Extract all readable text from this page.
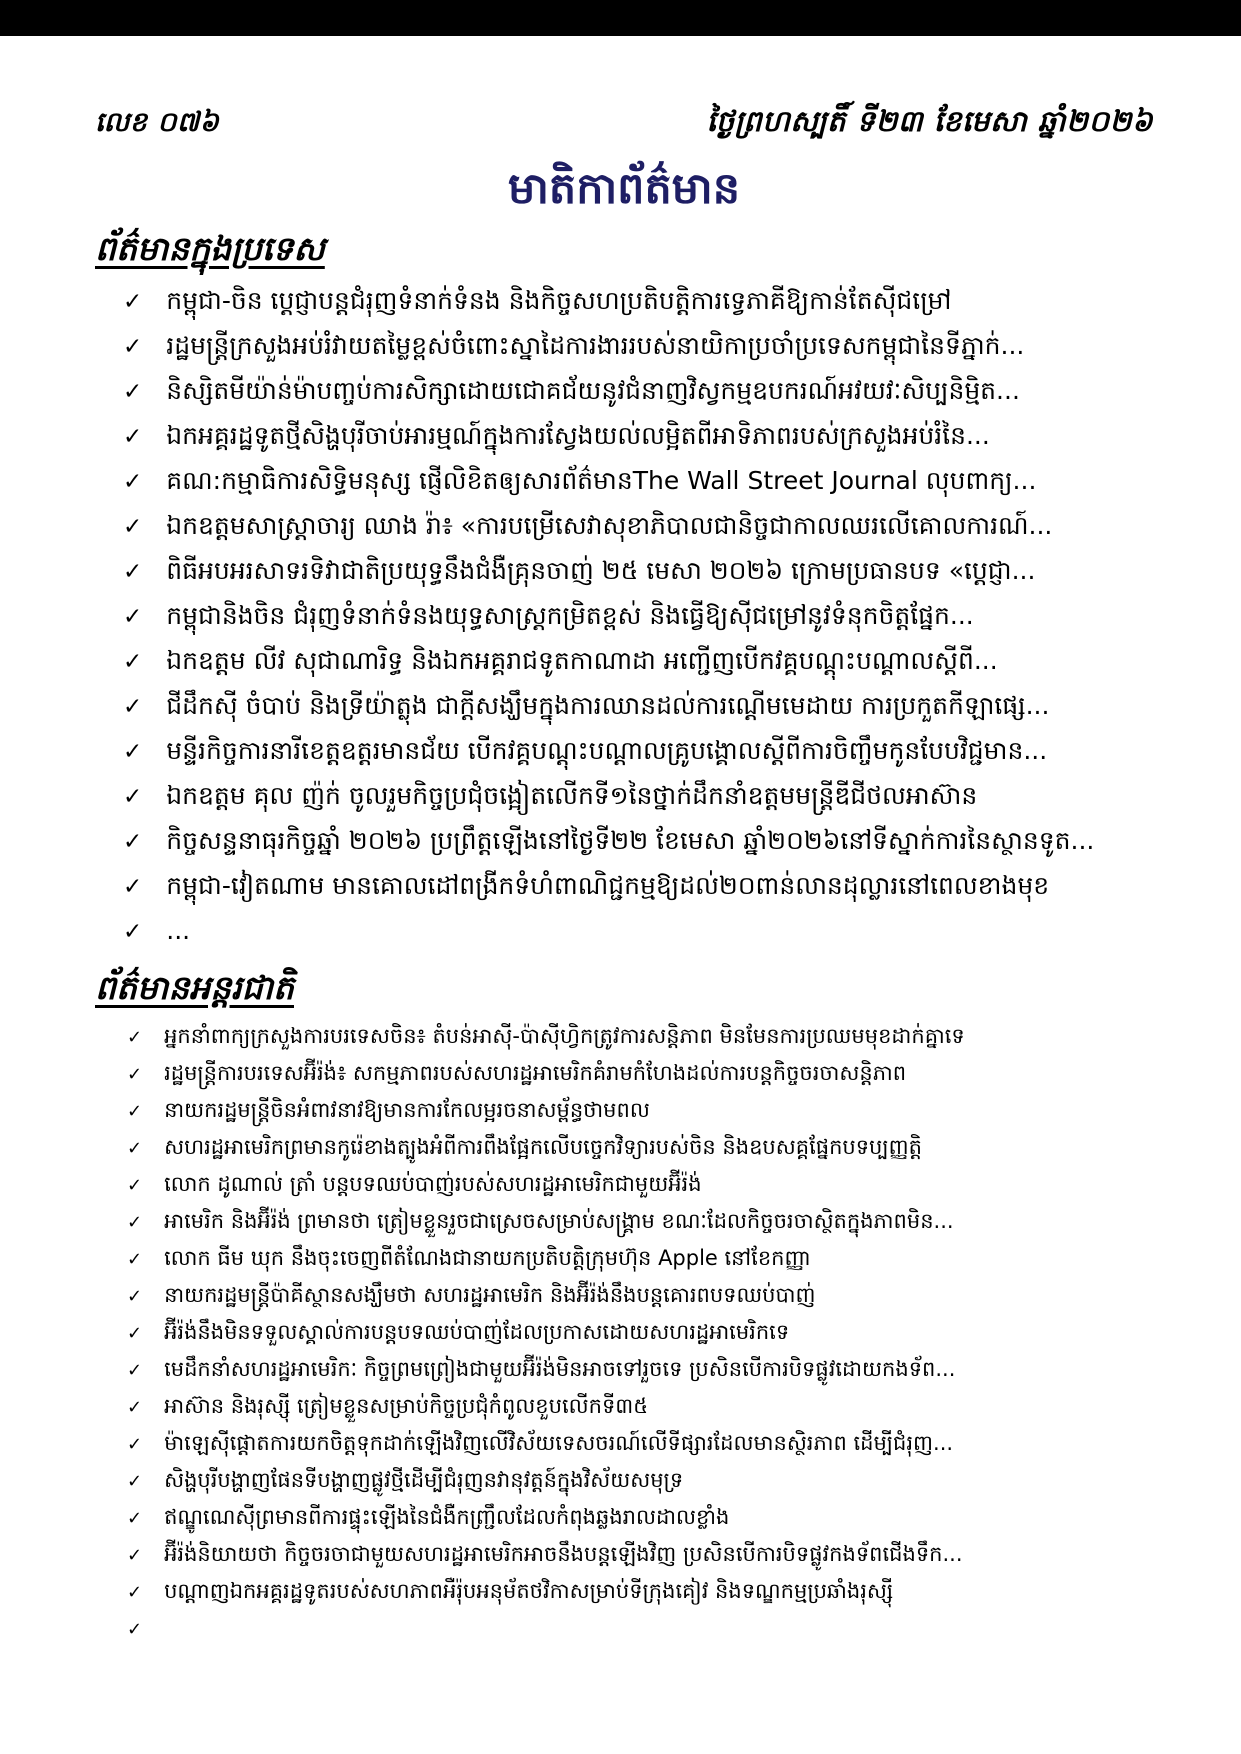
លេខ ០៧៦	ថ្ងៃព្រហស្បតិ៍ ទី២៣ ខែមេសា ឆ្នាំ២០២៦
មាតិកាព័ត៌មាន
ព័ត៌មានក្នុងប្រទេស
✓ កម្ពុជា-ចិន ប្តេជ្ញាបន្តជំរុញទំនាក់ទំនង និងកិច្ចសហប្រតិបត្តិការទ្វេភាគីឱ្យកាន់តែស៊ីជម្រៅ
✓ រដ្ឋមន្ត្រីក្រសួងអប់រំវាយតម្លៃខ្ពស់ចំពោះស្នាដៃការងាររបស់នាយិកាប្រចាំប្រទេសកម្ពុជានៃទីភ្នាក់...
✓ និស្សិតមីយ៉ាន់ម៉ាបញ្ចប់ការសិក្សាដោយជោគជ័យនូវជំនាញវិស្វកម្មឧបករណ៍អវយវៈសិប្បនិម្មិត...
✓ ឯកអគ្គរដ្ឋទូតថ្មីសិង្ហបុរីចាប់អារម្មណ៍ក្នុងការស្វែងយល់លម្អិតពីអាទិភាពរបស់ក្រសួងអប់រំនៃ...
✓ គណ:កម្មាធិការសិទ្ធិមនុស្ស ផ្ញើលិខិតឲ្យសារព័ត៌មានThe Wall Street Journal លុបពាក្យ...
✓ ឯកឧត្តមសាស្ត្រាចារ្យ ឈាង រ៉ា៖ «ការបម្រើសេវាសុខាភិបាលជានិច្ចជាកាលឈរលើគោលការណ៍...
✓ ពិធីអបអរសាទរទិវាជាតិប្រយុទ្ធនឹងជំងឺគ្រុនចាញ់ ២៥ មេសា ២០២៦ ក្រោមប្រធានបទ «ប្តេជ្ញា...
✓ កម្ពុជានិងចិន ជំរុញទំនាក់ទំនងយុទ្ធសាស្ត្រកម្រិតខ្ពស់ និងធ្វើឱ្យស៊ីជម្រៅនូវទំនុកចិត្តផ្នែក...
✓ ឯកឧត្តម លីវ សុជាណារិទ្ធ និងឯកអគ្គរាជទូតកាណាដា អញ្ជើញបើកវគ្គបណ្តុះបណ្តាលស្តីពី...
✓ ជីដឹកស៊ី ចំបាប់ និងទ្រីយ៉ាត្លុង ជាក្តីសង្ឃឹមក្នុងការឈានដល់ការណ្តើមមេដាយ ការប្រកួតកីឡាផ្សេ...
✓ មន្ទីរកិច្ចការនារីខេត្តឧត្តរមានជ័យ បើកវគ្គបណ្តុះបណ្តាលគ្រូបង្គោលស្តីពីការចិញ្ចឹមកូនបែបវិជ្ជមាន...
✓ ឯកឧត្តម គុល ញ៉ក់ ចូលរួមកិច្ចប្រជុំចង្អៀតលើកទី១នៃថ្នាក់ដឹកនាំឧត្តមមន្ត្រីឌីជីថលអាស៊ាន
✓ កិច្ចសន្ទនាធុរកិច្ចឆ្នាំ ២០២៦ ប្រព្រឹត្តឡើងនៅថ្ងៃទី២២ ខែមេសា ឆ្នាំ២០២៦នៅទីស្នាក់ការនៃស្ថានទូត...
✓ កម្ពុជា-វៀតណាម មានគោលដៅពង្រីកទំហំពាណិជ្ជកម្មឱ្យដល់២០ពាន់លានដុល្លារនៅពេលខាងមុខ
✓ ...
ព័ត៌មានអន្តរជាតិ
✓ អ្នកនាំពាក្យក្រសួងការបរទេសចិន៖ តំបន់អាស៊ី-ប៉ាស៊ីហ្វិកត្រូវការសន្តិភាព មិនមែនការប្រឈមមុខដាក់គ្នាទេ
✓ រដ្ឋមន្ត្រីការបរទេសអ៊ីរ៉ង់៖ សកម្មភាពរបស់សហរដ្ឋអាមេរិកគំរាមកំហែងដល់ការបន្តកិច្ចចរចាសន្តិភាព
✓ នាយករដ្ឋមន្ត្រីចិនអំពាវនាវឱ្យមានការកែលម្អរចនាសម្ព័ន្ធថាមពល
✓ សហរដ្ឋអាមេរិកព្រមានកូរ៉េខាងត្បូងអំពីការពឹងផ្អែកលើបច្ចេកវិទ្យារបស់ចិន និងឧបសគ្គផ្នែកបទប្បញ្ញត្តិ
✓ លោក ដូណាល់ ត្រាំ បន្តបទឈប់បាញ់របស់សហរដ្ឋអាមេរិកជាមួយអ៊ីរ៉ង់
✓ អាមេរិក និងអ៊ីរ៉ង់ ព្រមានថា ត្រៀមខ្លួនរួចជាស្រេចសម្រាប់សង្គ្រាម ខណៈដែលកិច្ចចរចាស្ថិតក្នុងភាពមិន...
✓ លោក ធីម ឃុក នឹងចុះចេញពីតំណែងជានាយកប្រតិបត្តិក្រុមហ៊ុន Apple នៅខែកញ្ញា
✓ នាយករដ្ឋមន្ត្រីប៉ាគីស្ថានសង្ឃឹមថា សហរដ្ឋអាមេរិក និងអ៊ីរ៉ង់នឹងបន្តគោរពបទឈប់បាញ់
✓ អ៊ីរ៉ង់នឹងមិនទទួលស្គាល់ការបន្តបទឈប់បាញ់ដែលប្រកាសដោយសហរដ្ឋអាមេរិកទេ
✓ មេដឹកនាំសហរដ្ឋអាមេរិកៈ កិច្ចព្រមព្រៀងជាមួយអ៊ីរ៉ង់មិនអាចទៅរួចទេ ប្រសិនបើការបិទផ្លូវដោយកងទ័ព...
✓ អាស៊ាន និងរុស្ស៊ី ត្រៀមខ្លួនសម្រាប់កិច្ចប្រជុំកំពូលខួបលើកទី៣៥
✓ ម៉ាឡេស៊ីផ្តោតការយកចិត្តទុកដាក់ឡើងវិញលើវិស័យទេសចរណ៍លើទីផ្សារដែលមានស្ថិរភាព ដើម្បីជំរុញ...
✓ សិង្ហបុរីបង្ហាញផែនទីបង្ហាញផ្លូវថ្មីដើម្បីជំរុញនវានុវត្តន៍ក្នុងវិស័យសមុទ្រ
✓ ឥណ្ឌូណេស៊ីព្រមានពីការផ្ទុះឡើងនៃជំងឺកញ្ជ្រឹលដែលកំពុងឆ្លងរាលដាលខ្លាំង
✓ អ៊ីរ៉ង់និយាយថា កិច្ចចរចាជាមួយសហរដ្ឋអាមេរិកអាចនឹងបន្តឡើងវិញ ប្រសិនបើការបិទផ្លូវកងទ័ពជើងទឹក...
✓ បណ្តាញឯកអគ្គរដ្ឋទូតរបស់សហភាពអឺរ៉ុបអនុម័តថវិកាសម្រាប់ទីក្រុងគៀវ និងទណ្ឌកម្មប្រឆាំងរុស្ស៊ី
✓
